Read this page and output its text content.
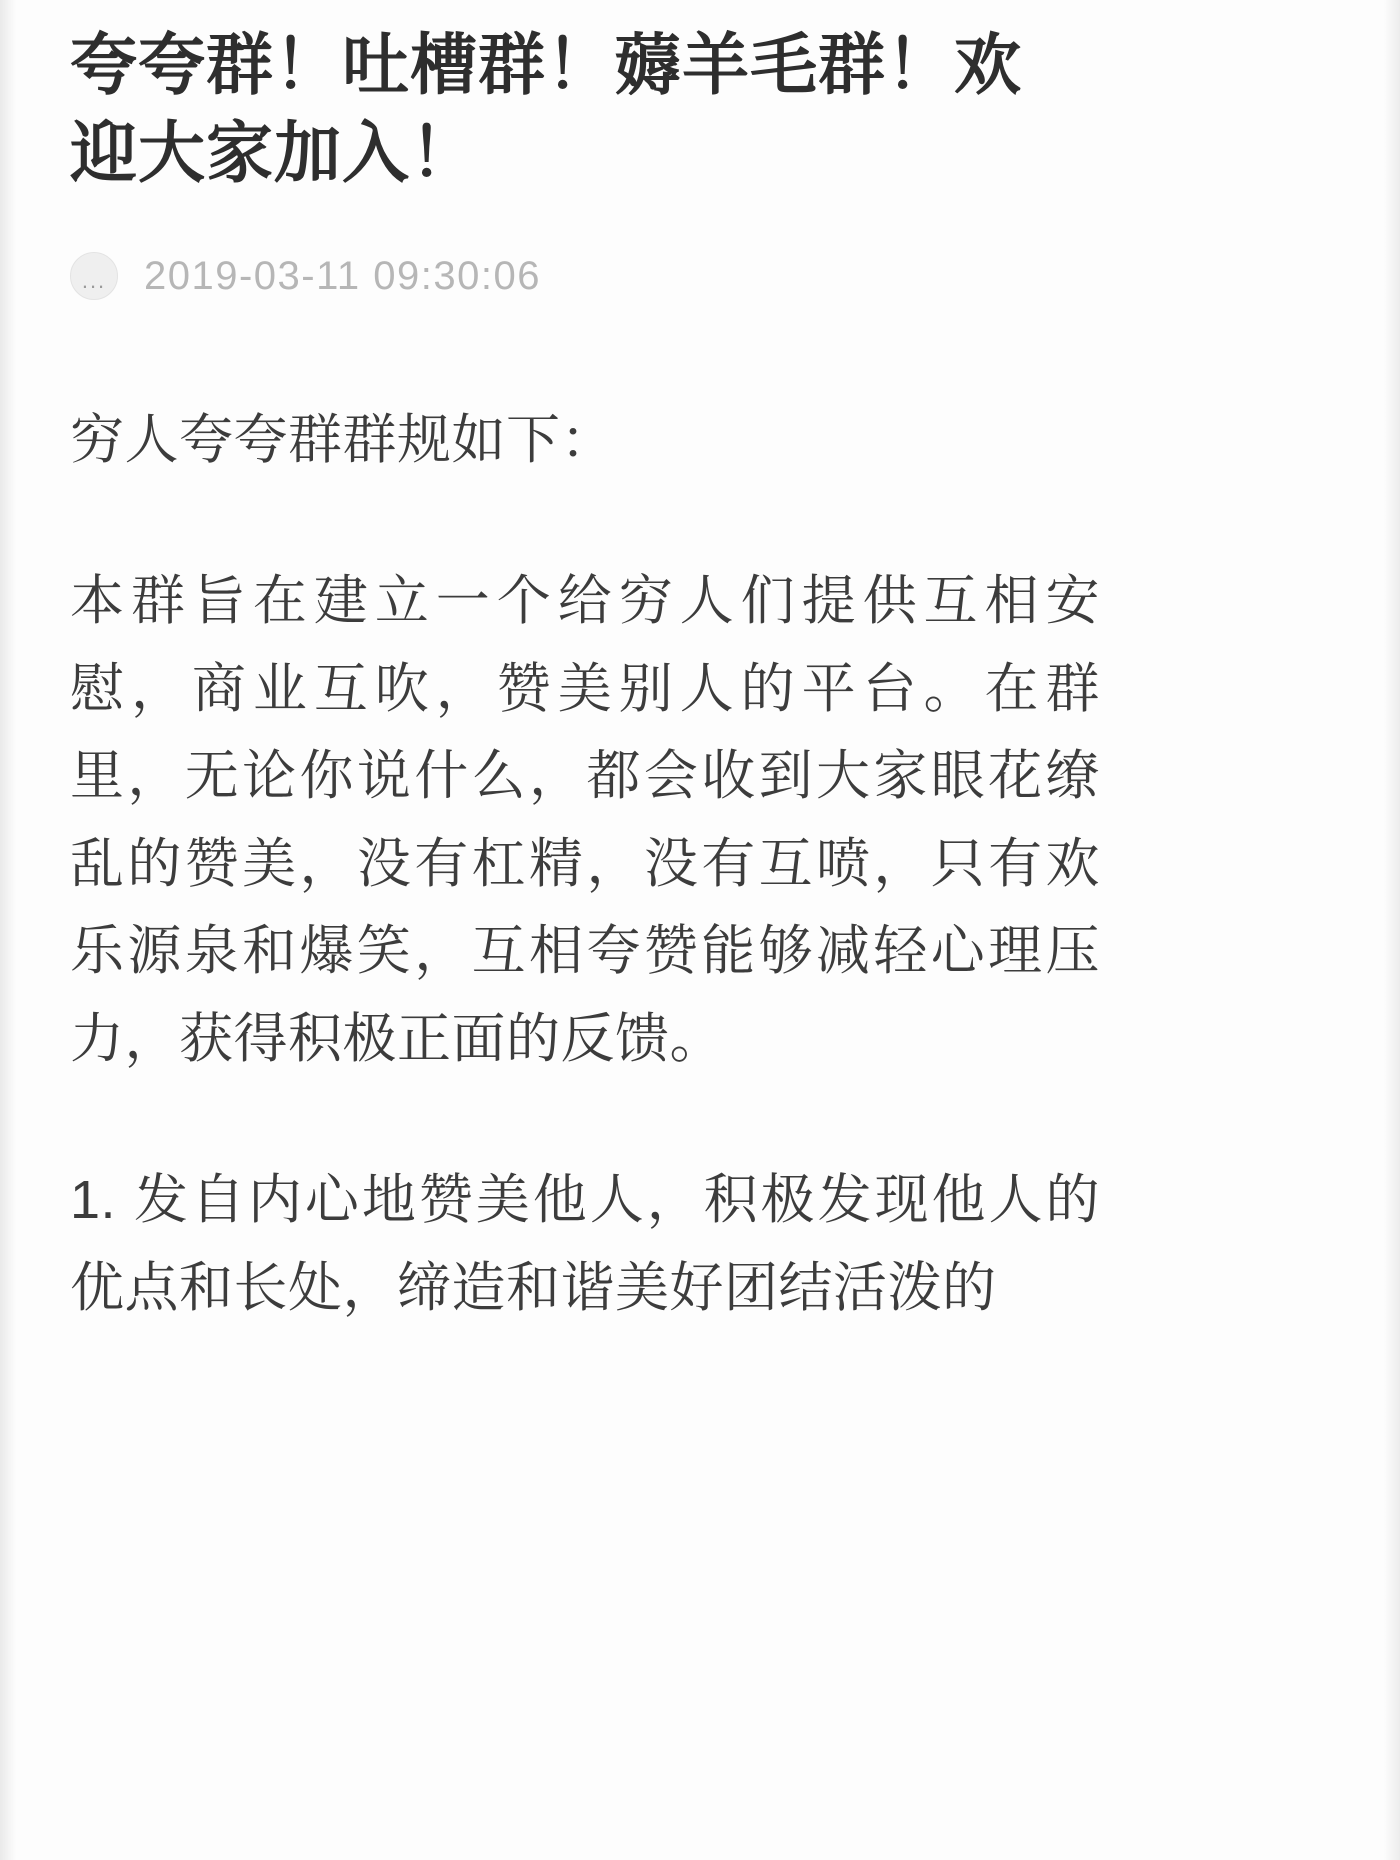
夸夸群！吐槽群！薅羊毛群！欢迎大家加入！
... 2019-03-11 09:30:06

穷人夸夸群群规如下：

本群旨在建立一个给穷人们提供互相安慰，商业互吹，赞美别人的平台。在群里，无论你说什么，都会收到大家眼花缭乱的赞美，没有杠精，没有互喷，只有欢乐源泉和爆笑，互相夸赞能够减轻心理压力，获得积极正面的反馈。

1. 发自内心地赞美他人，积极发现他人的优点和长处，缔造和谐美好团结活泼的
